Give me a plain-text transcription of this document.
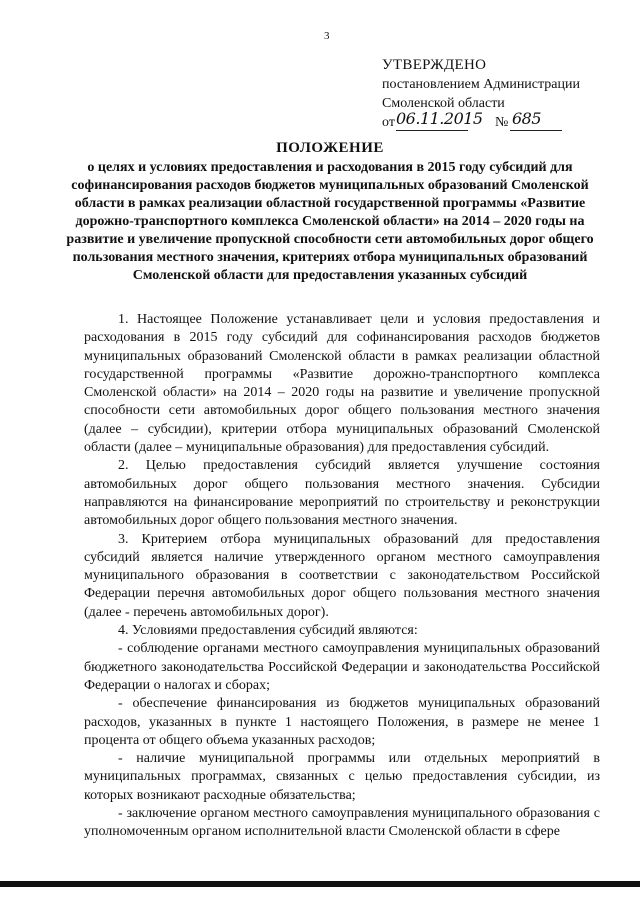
3
УТВЕРЖДЕНО
постановлением Администрации
Смоленской области
от 06.11.2015 № 685
ПОЛОЖЕНИЕ
о целях и условиях предоставления и расходования в 2015 году субсидий для софинансирования расходов бюджетов муниципальных образований Смоленской области в рамках реализации областной государственной программы «Развитие дорожно-транспортного комплекса Смоленской области» на 2014 – 2020 годы на развитие и увеличение пропускной способности сети автомобильных дорог общего пользования местного значения, критериях отбора муниципальных образований Смоленской области для предоставления указанных субсидий

1. Настоящее Положение устанавливает цели и условия предоставления и расходования в 2015 году субсидий для софинансирования расходов бюджетов муниципальных образований Смоленской области в рамках реализации областной государственной программы «Развитие дорожно-транспортного комплекса Смоленской области» на 2014 – 2020 годы на развитие и увеличение пропускной способности сети автомобильных дорог общего пользования местного значения (далее – субсидии), критерии отбора муниципальных образований Смоленской области (далее – муниципальные образования) для предоставления субсидий.

2. Целью предоставления субсидий является улучшение состояния автомобильных дорог общего пользования местного значения. Субсидии направляются на финансирование мероприятий по строительству и реконструкции автомобильных дорог общего пользования местного значения.

3. Критерием отбора муниципальных образований для предоставления субсидий является наличие утвержденного органом местного самоуправления муниципального образования в соответствии с законодательством Российской Федерации перечня автомобильных дорог общего пользования местного значения (далее - перечень автомобильных дорог).

4. Условиями предоставления субсидий являются:

- соблюдение органами местного самоуправления муниципальных образований бюджетного законодательства Российской Федерации и законодательства Российской Федерации о налогах и сборах;

- обеспечение финансирования из бюджетов муниципальных образований расходов, указанных в пункте 1 настоящего Положения, в размере не менее 1 процента от общего объема указанных расходов;

- наличие муниципальной программы или отдельных мероприятий в муниципальных программах, связанных с целью предоставления субсидии, из которых возникают расходные обязательства;

- заключение органом местного самоуправления муниципального образования с уполномоченным органом исполнительной власти Смоленской области в сфере
